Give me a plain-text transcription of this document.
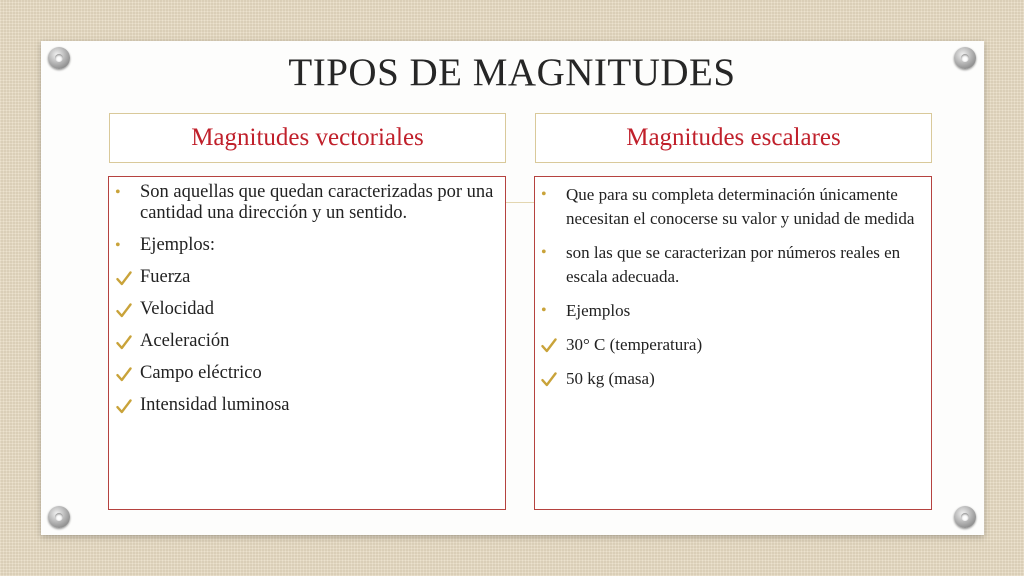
TIPOS DE MAGNITUDES
Magnitudes vectoriales	Magnitudes escalares
• Son aquellas que quedan caracterizadas por una cantidad una dirección y un sentido.
• Ejemplos:
Fuerza
Velocidad
Aceleración
Campo eléctrico
Intensidad luminosa
• Que para su completa determinación únicamente necesitan el conocerse su valor y unidad de medida
• son las que se caracterizan por números reales en escala adecuada.
• Ejemplos
30° C (temperatura)
50 kg (masa)
